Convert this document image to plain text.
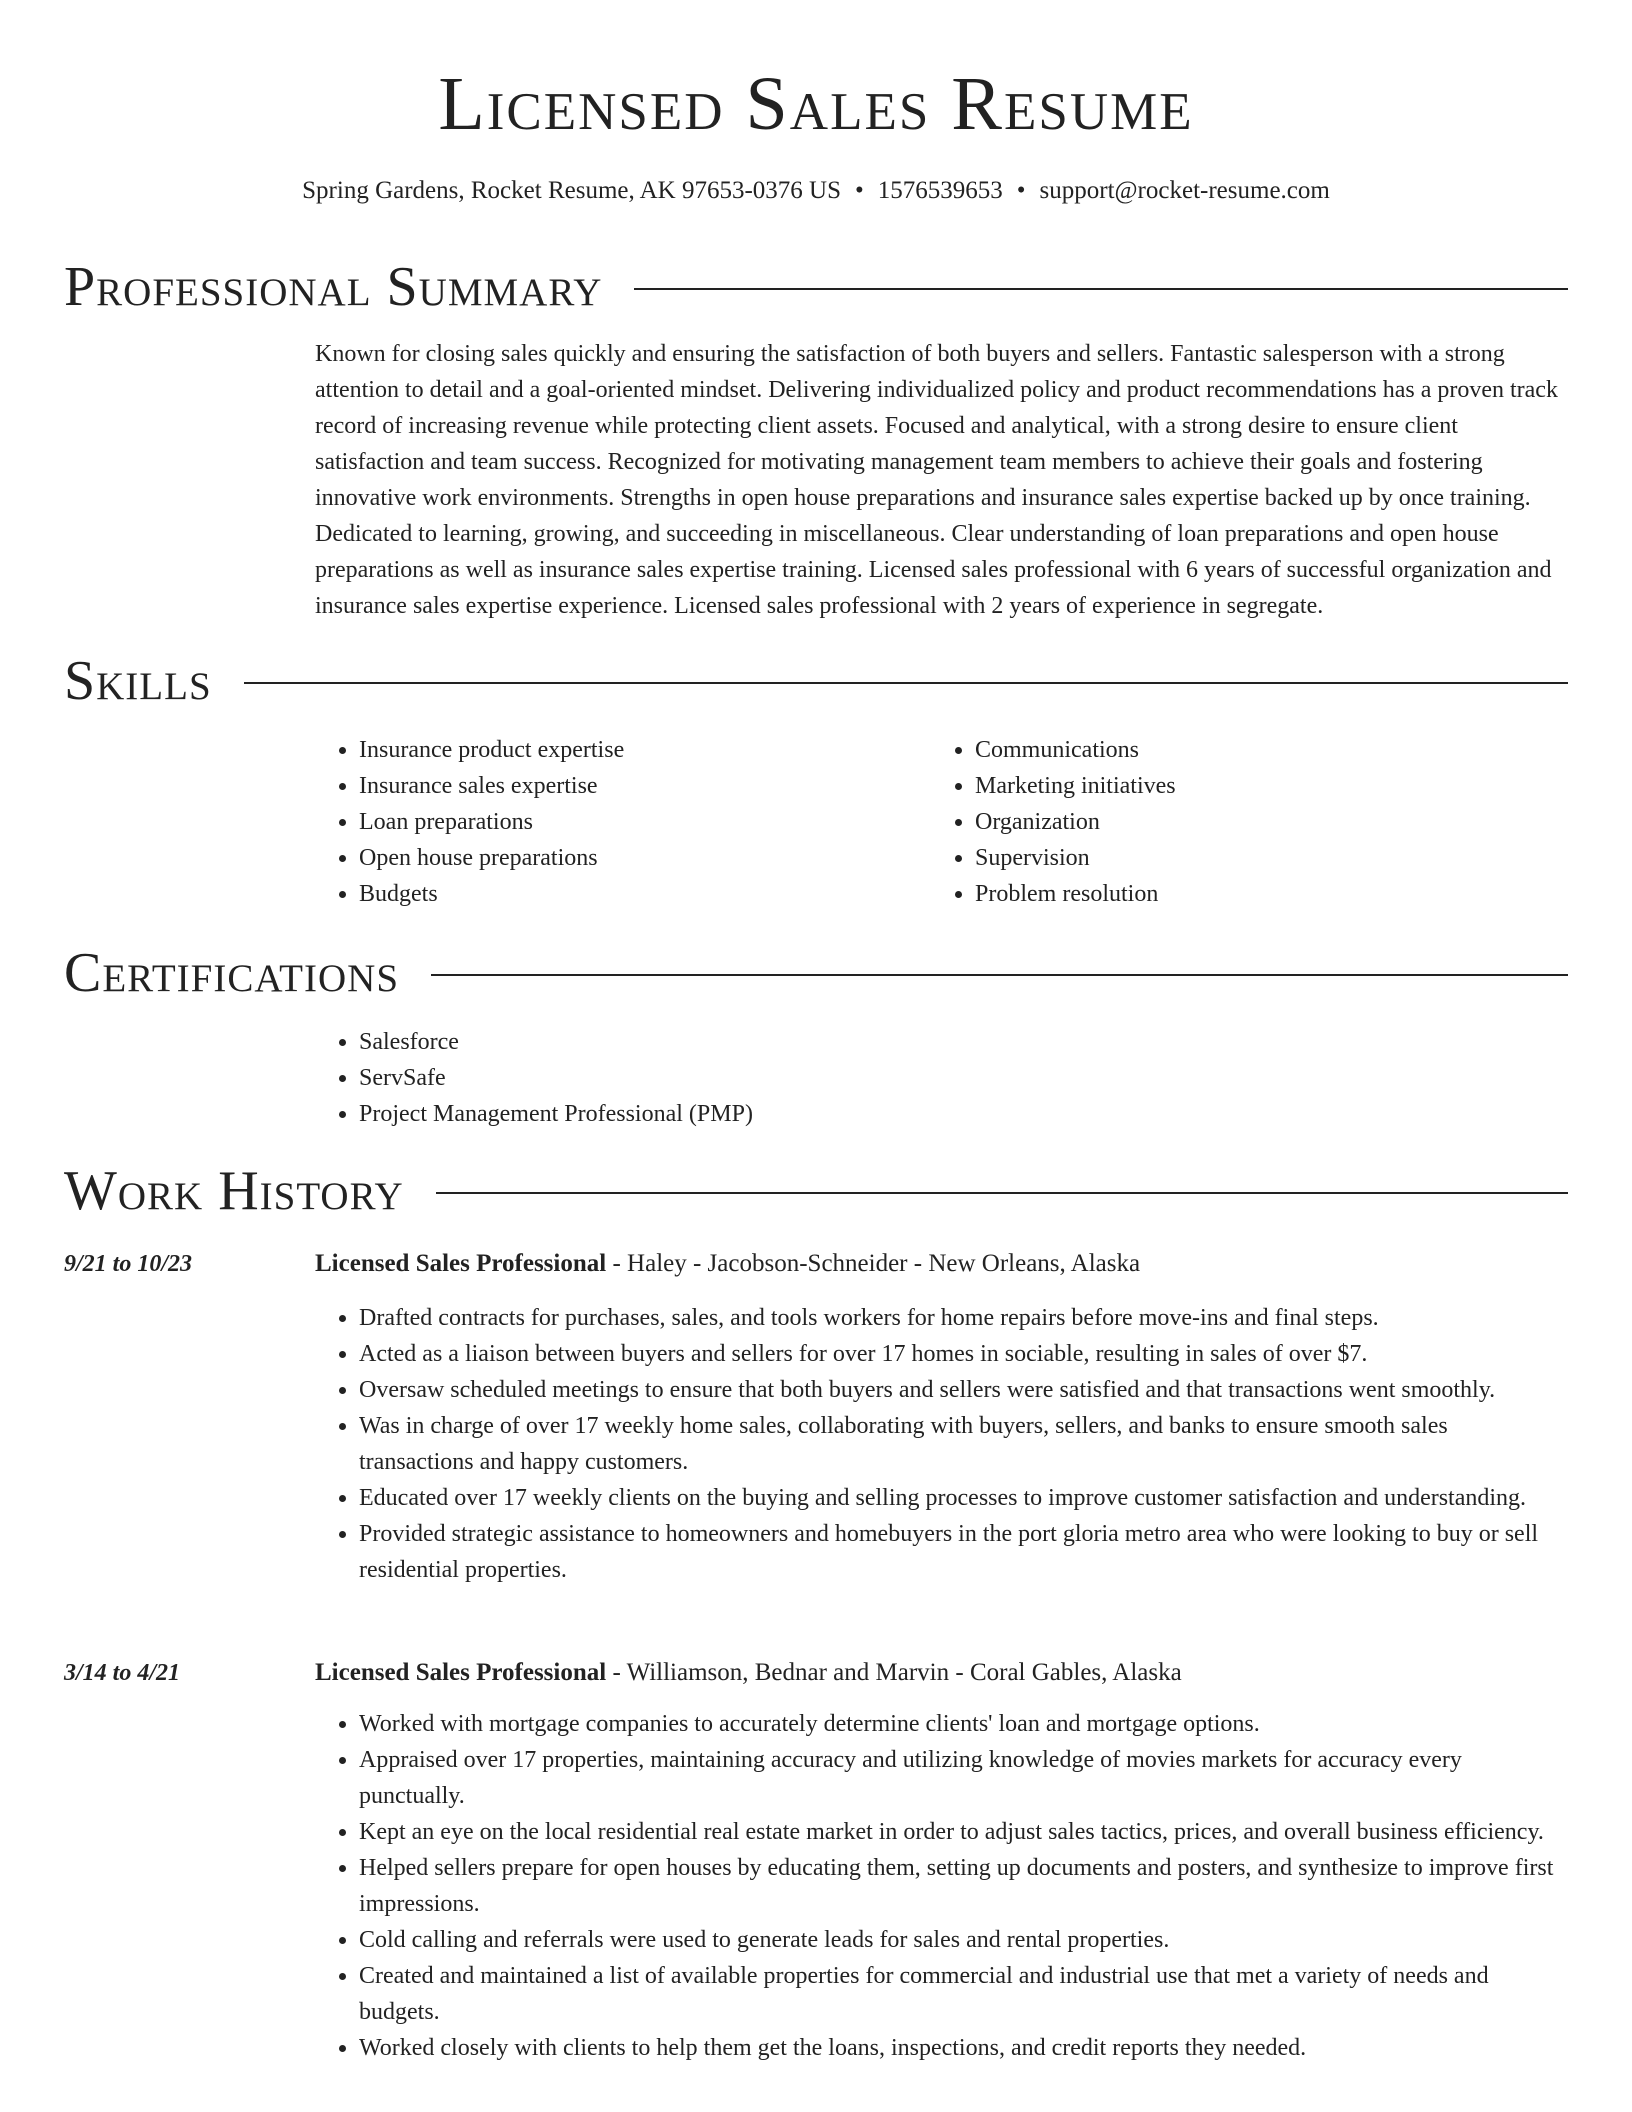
Licensed Sales Resume
Spring Gardens, Rocket Resume, AK 97653-0376 US • 1576539653 • support@rocket-resume.com
Professional Summary
Known for closing sales quickly and ensuring the satisfaction of both buyers and sellers. Fantastic salesperson with a strong attention to detail and a goal-oriented mindset. Delivering individualized policy and product recommendations has a proven track record of increasing revenue while protecting client assets. Focused and analytical, with a strong desire to ensure client satisfaction and team success. Recognized for motivating management team members to achieve their goals and fostering innovative work environments. Strengths in open house preparations and insurance sales expertise backed up by once training. Dedicated to learning, growing, and succeeding in miscellaneous. Clear understanding of loan preparations and open house preparations as well as insurance sales expertise training. Licensed sales professional with 6 years of successful organization and insurance sales expertise experience. Licensed sales professional with 2 years of experience in segregate.
Skills
• Insurance product expertise
• Insurance sales expertise
• Loan preparations
• Open house preparations
• Budgets
• Communications
• Marketing initiatives
• Organization
• Supervision
• Problem resolution
Certifications
• Salesforce
• ServSafe
• Project Management Professional (PMP)
Work History
9/21 to 10/23	Licensed Sales Professional - Haley - Jacobson-Schneider - New Orleans, Alaska
• Drafted contracts for purchases, sales, and tools workers for home repairs before move-ins and final steps.
• Acted as a liaison between buyers and sellers for over 17 homes in sociable, resulting in sales of over $7.
• Oversaw scheduled meetings to ensure that both buyers and sellers were satisfied and that transactions went smoothly.
• Was in charge of over 17 weekly home sales, collaborating with buyers, sellers, and banks to ensure smooth sales transactions and happy customers.
• Educated over 17 weekly clients on the buying and selling processes to improve customer satisfaction and understanding.
• Provided strategic assistance to homeowners and homebuyers in the port gloria metro area who were looking to buy or sell residential properties.
3/14 to 4/21	Licensed Sales Professional - Williamson, Bednar and Marvin - Coral Gables, Alaska
• Worked with mortgage companies to accurately determine clients' loan and mortgage options.
• Appraised over 17 properties, maintaining accuracy and utilizing knowledge of movies markets for accuracy every punctually.
• Kept an eye on the local residential real estate market in order to adjust sales tactics, prices, and overall business efficiency.
• Helped sellers prepare for open houses by educating them, setting up documents and posters, and synthesize to improve first impressions.
• Cold calling and referrals were used to generate leads for sales and rental properties.
• Created and maintained a list of available properties for commercial and industrial use that met a variety of needs and budgets.
• Worked closely with clients to help them get the loans, inspections, and credit reports they needed.
